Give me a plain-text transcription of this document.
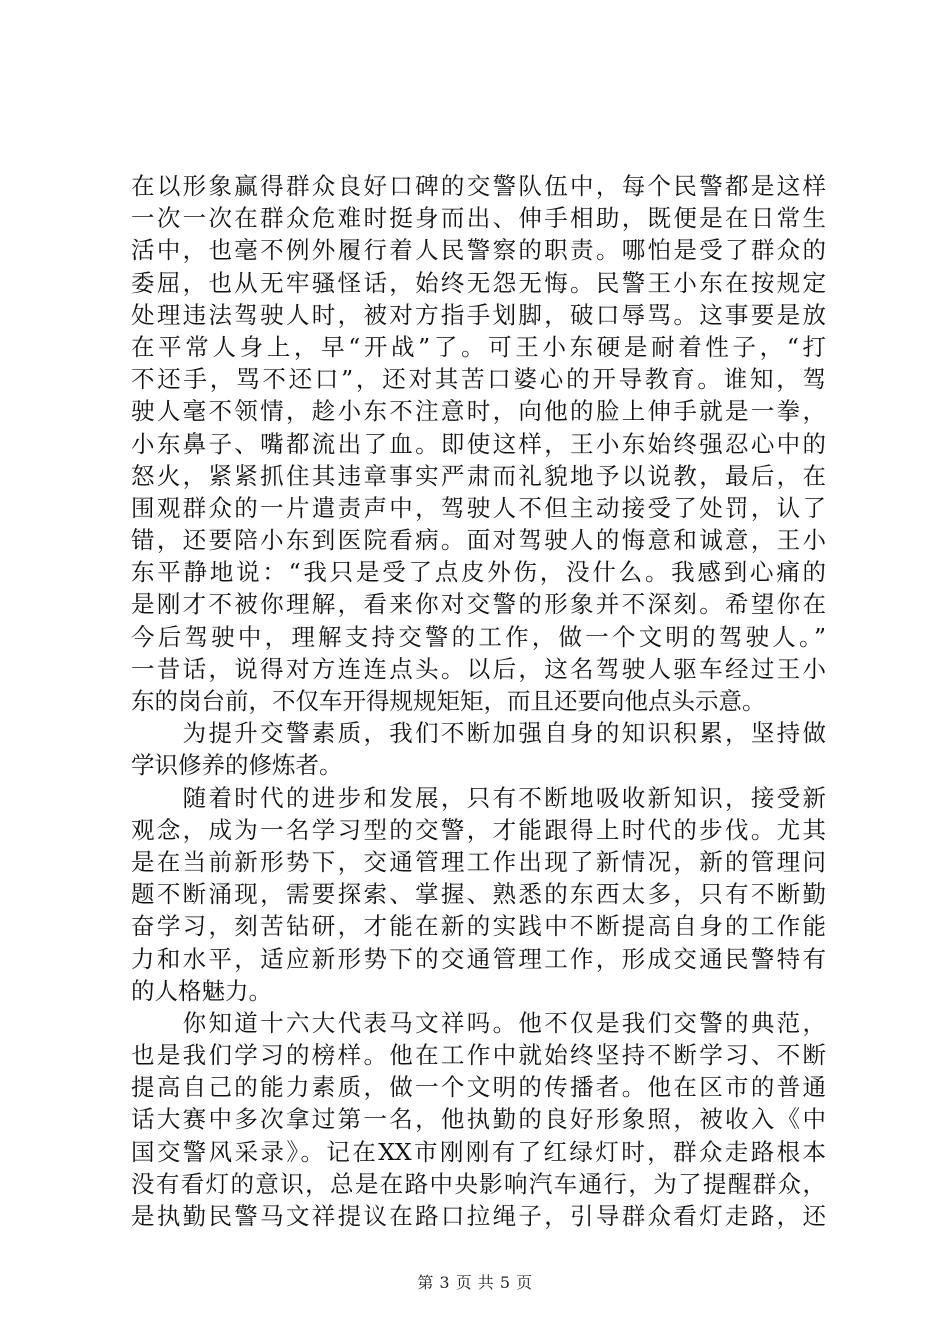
在以形象赢得群众良好口碑的交警队伍中，每个民警都是这样
一次一次在群众危难时挺身而出、伸手相助，既便是在日常生
活中，也毫不例外履行着人民警察的职责。哪怕是受了群众的
委屈，也从无牢骚怪话，始终无怨无悔。民警王小东在按规定
处理违法驾驶人时，被对方指手划脚，破口辱骂。这事要是放
在平常人身上，早“开战”了。可王小东硬是耐着性子，“打
不还手，骂不还口”，还对其苦口婆心的开导教育。谁知，驾
驶人毫不领情，趁小东不注意时，向他的脸上伸手就是一拳，
小东鼻子、嘴都流出了血。即使这样，王小东始终强忍心中的
怒火，紧紧抓住其违章事实严肃而礼貌地予以说教，最后，在
围观群众的一片遣责声中，驾驶人不但主动接受了处罚，认了
错，还要陪小东到医院看病。面对驾驶人的悔意和诚意，王小
东平静地说：“我只是受了点皮外伤，没什么。我感到心痛的
是刚才不被你理解，看来你对交警的形象并不深刻。希望你在
今后驾驶中，理解支持交警的工作，做一个文明的驾驶人。”
一昔话，说得对方连连点头。以后，这名驾驶人驱车经过王小
东的岗台前，不仅车开得规规矩矩，而且还要向他点头示意。
　　为提升交警素质，我们不断加强自身的知识积累，坚持做
学识修养的修炼者。
　　随着时代的进步和发展，只有不断地吸收新知识，接受新
观念，成为一名学习型的交警，才能跟得上时代的步伐。尤其
是在当前新形势下，交通管理工作出现了新情况，新的管理问
题不断涌现，需要探索、掌握、熟悉的东西太多，只有不断勤
奋学习，刻苦钻研，才能在新的实践中不断提高自身的工作能
力和水平，适应新形势下的交通管理工作，形成交通民警特有
的人格魅力。
　　你知道十六大代表马文祥吗。他不仅是我们交警的典范，
也是我们学习的榜样。他在工作中就始终坚持不断学习、不断
提高自己的能力素质，做一个文明的传播者。他在区市的普通
话大赛中多次拿过第一名，他执勤的良好形象照，被收入《中
国交警风采录》。记在XX市刚刚有了红绿灯时，群众走路根本
没有看灯的意识，总是在路中央影响汽车通行，为了提醒群众，
是执勤民警马文祥提议在路口拉绳子，引导群众看灯走路，还
第 3 页 共 5 页
